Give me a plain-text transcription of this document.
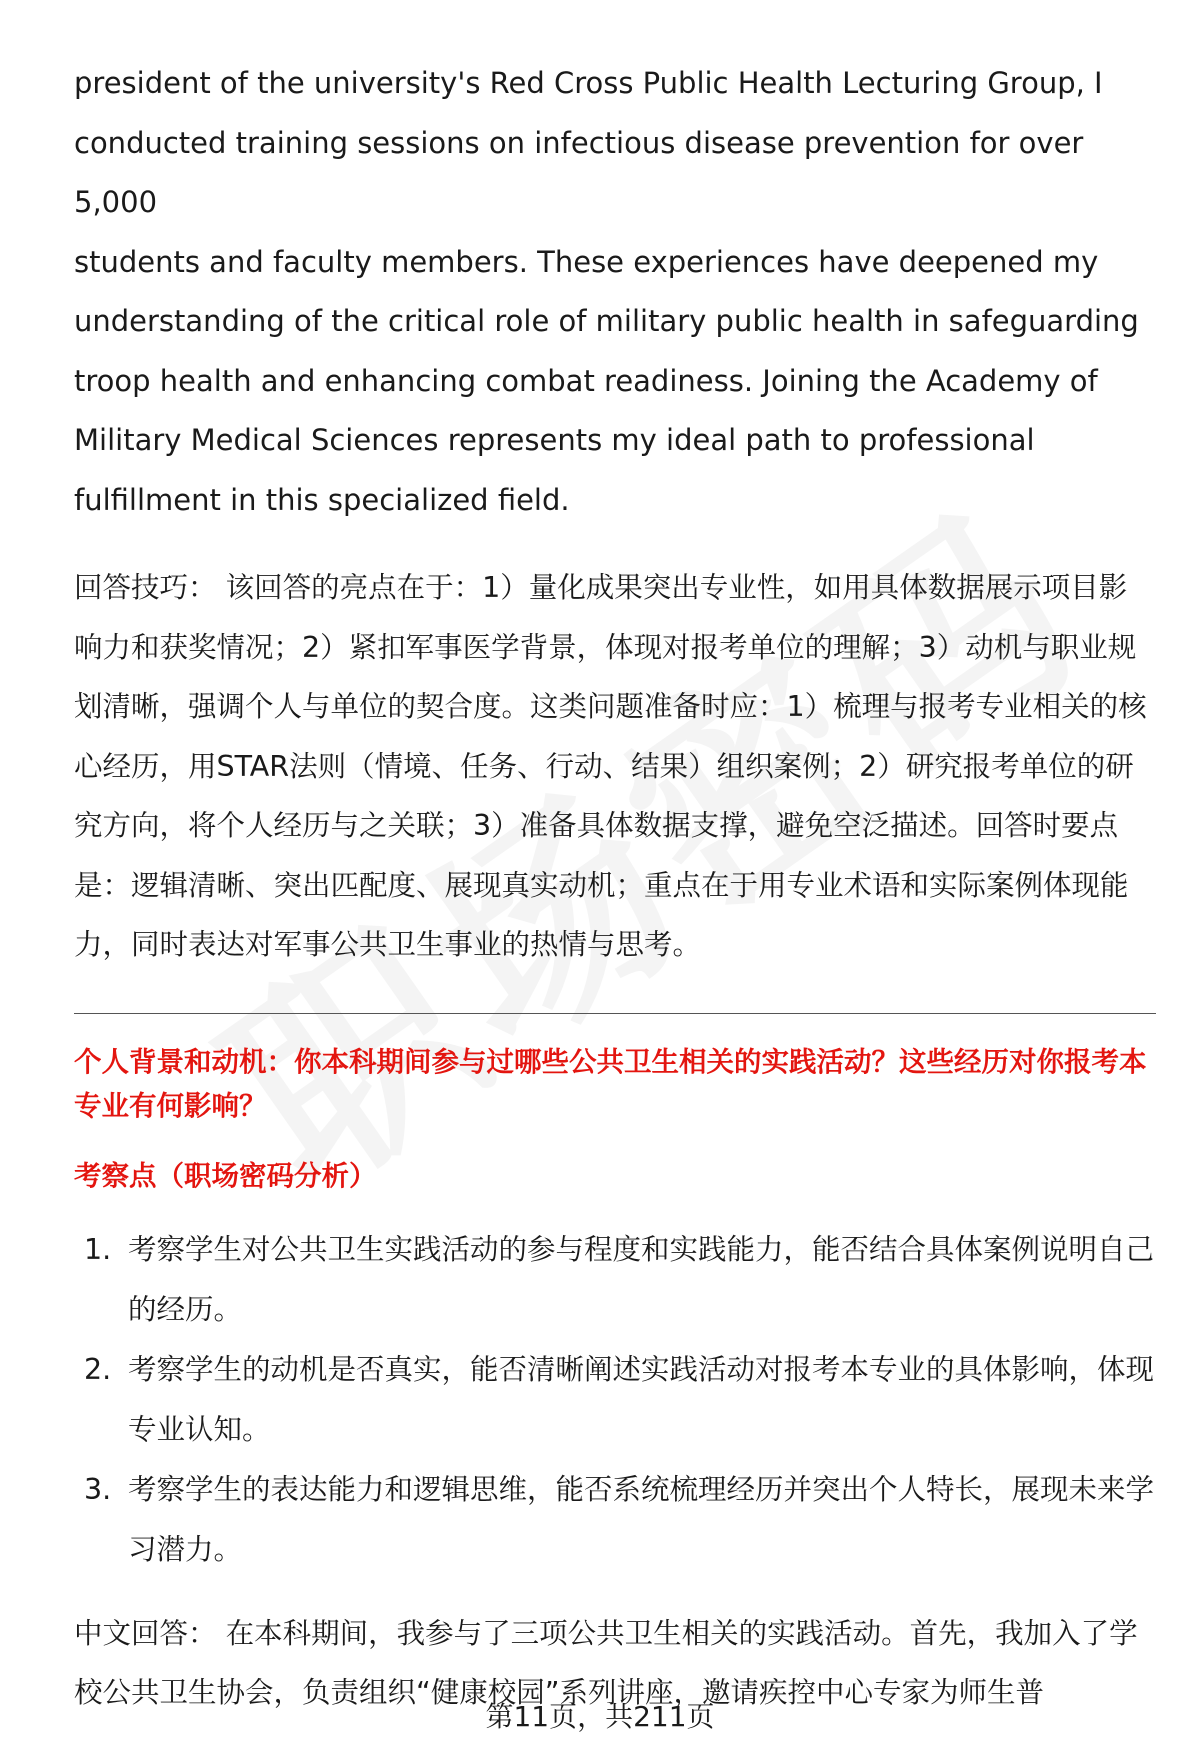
president of the university's Red Cross Public Health Lecturing Group, I
conducted training sessions on infectious disease prevention for over 5,000
students and faculty members. These experiences have deepened my
understanding of the critical role of military public health in safeguarding
troop health and enhancing combat readiness. Joining the Academy of
Military Medical Sciences represents my ideal path to professional
fulfillment in this specialized field.

回答技巧： 该回答的亮点在于：1）量化成果突出专业性，如用具体数据展示项目影响力和获奖情况；2）紧扣军事医学背景，体现对报考单位的理解；3）动机与职业规划清晰，强调个人与单位的契合度。这类问题准备时应：1）梳理与报考专业相关的核心经历，用STAR法则（情境、任务、行动、结果）组织案例；2）研究报考单位的研究方向，将个人经历与之关联；3）准备具体数据支撑，避免空泛描述。回答时要点是：逻辑清晰、突出匹配度、展现真实动机；重点在于用专业术语和实际案例体现能力，同时表达对军事公共卫生事业的热情与思考。

个人背景和动机：你本科期间参与过哪些公共卫生相关的实践活动？这些经历对你报考本专业有何影响？

考察点（职场密码分析）

1. 考察学生对公共卫生实践活动的参与程度和实践能力，能否结合具体案例说明自己的经历。
2. 考察学生的动机是否真实，能否清晰阐述实践活动对报考本专业的具体影响，体现专业认知。
3. 考察学生的表达能力和逻辑思维，能否系统梳理经历并突出个人特长，展现未来学习潜力。

中文回答： 在本科期间，我参与了三项公共卫生相关的实践活动。首先，我加入了学校公共卫生协会，负责组织“健康校园”系列讲座，邀请疾控中心专家为师生普

第11页，共211页
